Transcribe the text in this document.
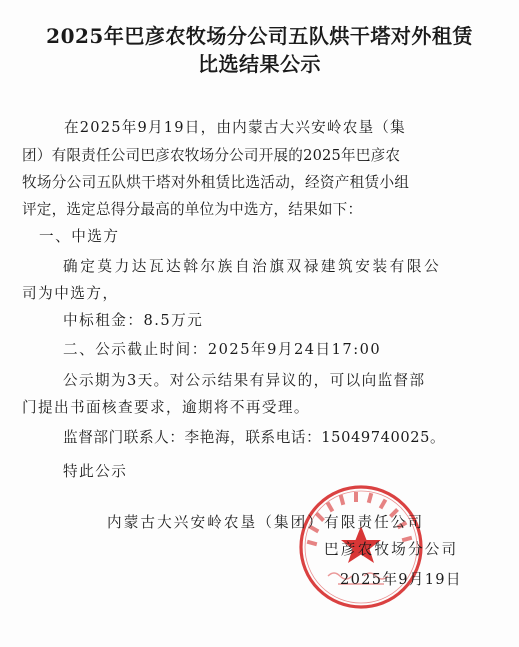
2025年巴彦农牧场分公司五队烘干塔对外租赁
比选结果公示
在2025年9月19日，由内蒙古大兴安岭农垦（集
团）有限责任公司巴彦农牧场分公司开展的2025年巴彦农
牧场分公司五队烘干塔对外租赁比选活动，经资产租赁小组
评定，选定总得分最高的单位为中选方，结果如下：
一、中选方
确定莫力达瓦达斡尔族自治旗双禄建筑安装有限公
司为中选方，
中标租金：8.5万元
二、公示截止时间：2025年9月24日17:00
公示期为3天。对公示结果有异议的，可以向监督部
门提出书面核查要求，逾期将不再受理。
监督部门联系人：李艳海，联系电话：15049740025。
特此公示
内蒙古大兴安岭农垦（集团）有限责任公司
巴彦农牧场分公司
2025年9月19日
